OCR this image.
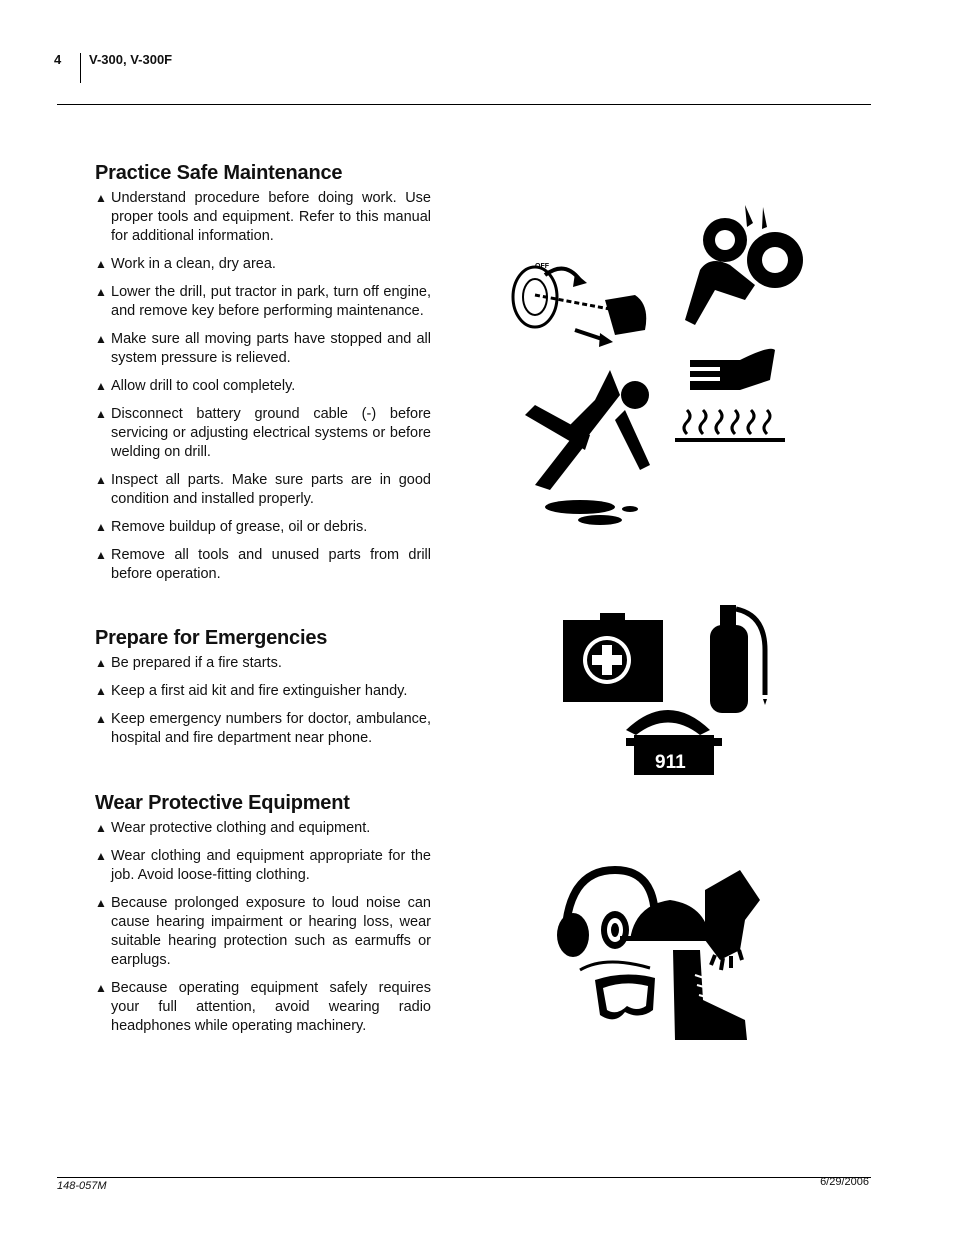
4 V-300, V-300F
Practice Safe Maintenance
▲ Understand procedure before doing work. Use proper tools and equipment. Refer to this manual for additional information.
▲ Work in a clean, dry area.
▲ Lower the drill, put tractor in park, turn off engine, and remove key before performing maintenance.
▲ Make sure all moving parts have stopped and all system pressure is relieved.
▲ Allow drill to cool completely.
▲ Disconnect battery ground cable (-) before servicing or adjusting electrical systems or before welding on drill.
▲ Inspect all parts. Make sure parts are in good condition and installed properly.
▲ Remove buildup of grease, oil or debris.
▲ Remove all tools and unused parts from drill before operation.
Prepare for Emergencies
▲ Be prepared if a fire starts.
▲ Keep a first aid kit and fire extinguisher handy.
▲ Keep emergency numbers for doctor, ambulance, hospital and fire department near phone.
Wear Protective Equipment
▲ Wear protective clothing and equipment.
▲ Wear clothing and equipment appropriate for the job. Avoid loose-fitting clothing.
▲ Because prolonged exposure to loud noise can cause hearing impairment or hearing loss, wear suitable hearing protection such as earmuffs or earplugs.
▲ Because operating equipment safely requires your full attention, avoid wearing radio headphones while operating machinery.
OFF
911
148-057M	6/29/2006
